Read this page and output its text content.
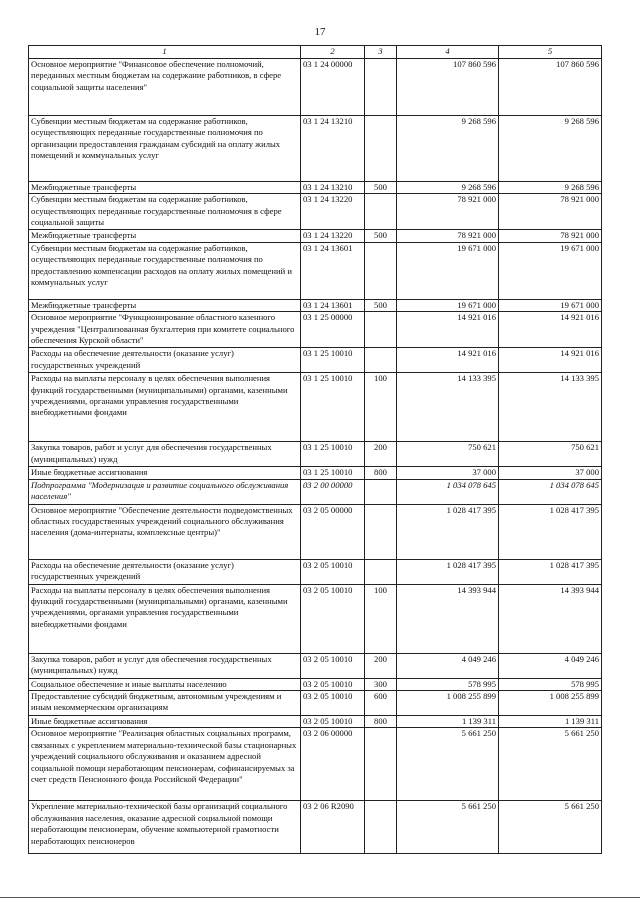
17
1	2	3	4	5
Основное мероприятие "Финансовое обеспечение полномочий, переданных местным бюджетам на содержание работников, в сфере социальной защиты населения"	03 1 24 00000		107 860 596	107 860 596
Субвенции местным бюджетам на содержание работников, осуществляющих переданные государственные полномочия по организации предоставления гражданам субсидий на оплату жилых помещений и коммунальных услуг	03 1 24 13210		9 268 596	9 268 596
Межбюджетные трансферты	03 1 24 13210	500	9 268 596	9 268 596
Субвенции местным бюджетам на содержание работников, осуществляющих переданные государственные полномочия в сфере социальной защиты	03 1 24 13220		78 921 000	78 921 000
Межбюджетные трансферты	03 1 24 13220	500	78 921 000	78 921 000
Субвенции местным бюджетам на содержание работников, осуществляющих переданные государственные полномочия по предоставлению компенсации расходов на оплату жилых помещений и коммунальных услуг	03 1 24 13601		19 671 000	19 671 000
Межбюджетные трансферты	03 1 24 13601	500	19 671 000	19 671 000
Основное мероприятие "Функционирование областного казенного учреждения "Централизованная бухгалтерия при комитете социального обеспечения Курской области"	03 1 25 00000		14 921 016	14 921 016
Расходы на обеспечение деятельности (оказание услуг) государственных учреждений	03 1 25 10010		14 921 016	14 921 016
Расходы на выплаты персоналу в целях обеспечения выполнения функций государственными (муниципальными) органами, казенными учреждениями, органами управления государственными внебюджетными фондами	03 1 25 10010	100	14 133 395	14 133 395
Закупка товаров, работ и услуг для обеспечения государственных (муниципальных) нужд	03 1 25 10010	200	750 621	750 621
Иные бюджетные ассигнования	03 1 25 10010	800	37 000	37 000
Подпрограмма "Модернизация и развитие социального обслуживания населения"	03 2 00 00000		1 034 078 645	1 034 078 645
Основное мероприятие "Обеспечение деятельности подведомственных областных государственных учреждений социального обслуживания населения (дома-интернаты, комплексные центры)"	03 2 05 00000		1 028 417 395	1 028 417 395
Расходы на обеспечение деятельности (оказание услуг) государственных учреждений	03 2 05 10010		1 028 417 395	1 028 417 395
Расходы на выплаты персоналу в целях обеспечения выполнения функций государственными (муниципальными) органами, казенными учреждениями, органами управления государственными внебюджетными фондами	03 2 05 10010	100	14 393 944	14 393 944
Закупка товаров, работ и услуг для обеспечения государственных (муниципальных) нужд	03 2 05 10010	200	4 049 246	4 049 246
Социальное обеспечение и иные выплаты населению	03 2 05 10010	300	578 995	578 995
Предоставление субсидий бюджетным, автономным учреждениям и иным некоммерческим организациям	03 2 05 10010	600	1 008 255 899	1 008 255 899
Иные бюджетные ассигнования	03 2 05 10010	800	1 139 311	1 139 311
Основное мероприятие "Реализация областных социальных программ, связанных с укреплением материально-технической базы стационарных учреждений социального обслуживания и оказанием адресной социальной помощи неработающим пенсионерам, софинансируемых за счет средств Пенсионного фонда Российской Федерации"	03 2 06 00000		5 661 250	5 661 250
Укрепление материально-технической базы организаций социального обслуживания населения, оказание адресной социальной помощи неработающим пенсионерам, обучение компьютерной грамотности неработающих пенсионеров	03 2 06 R2090		5 661 250	5 661 250
